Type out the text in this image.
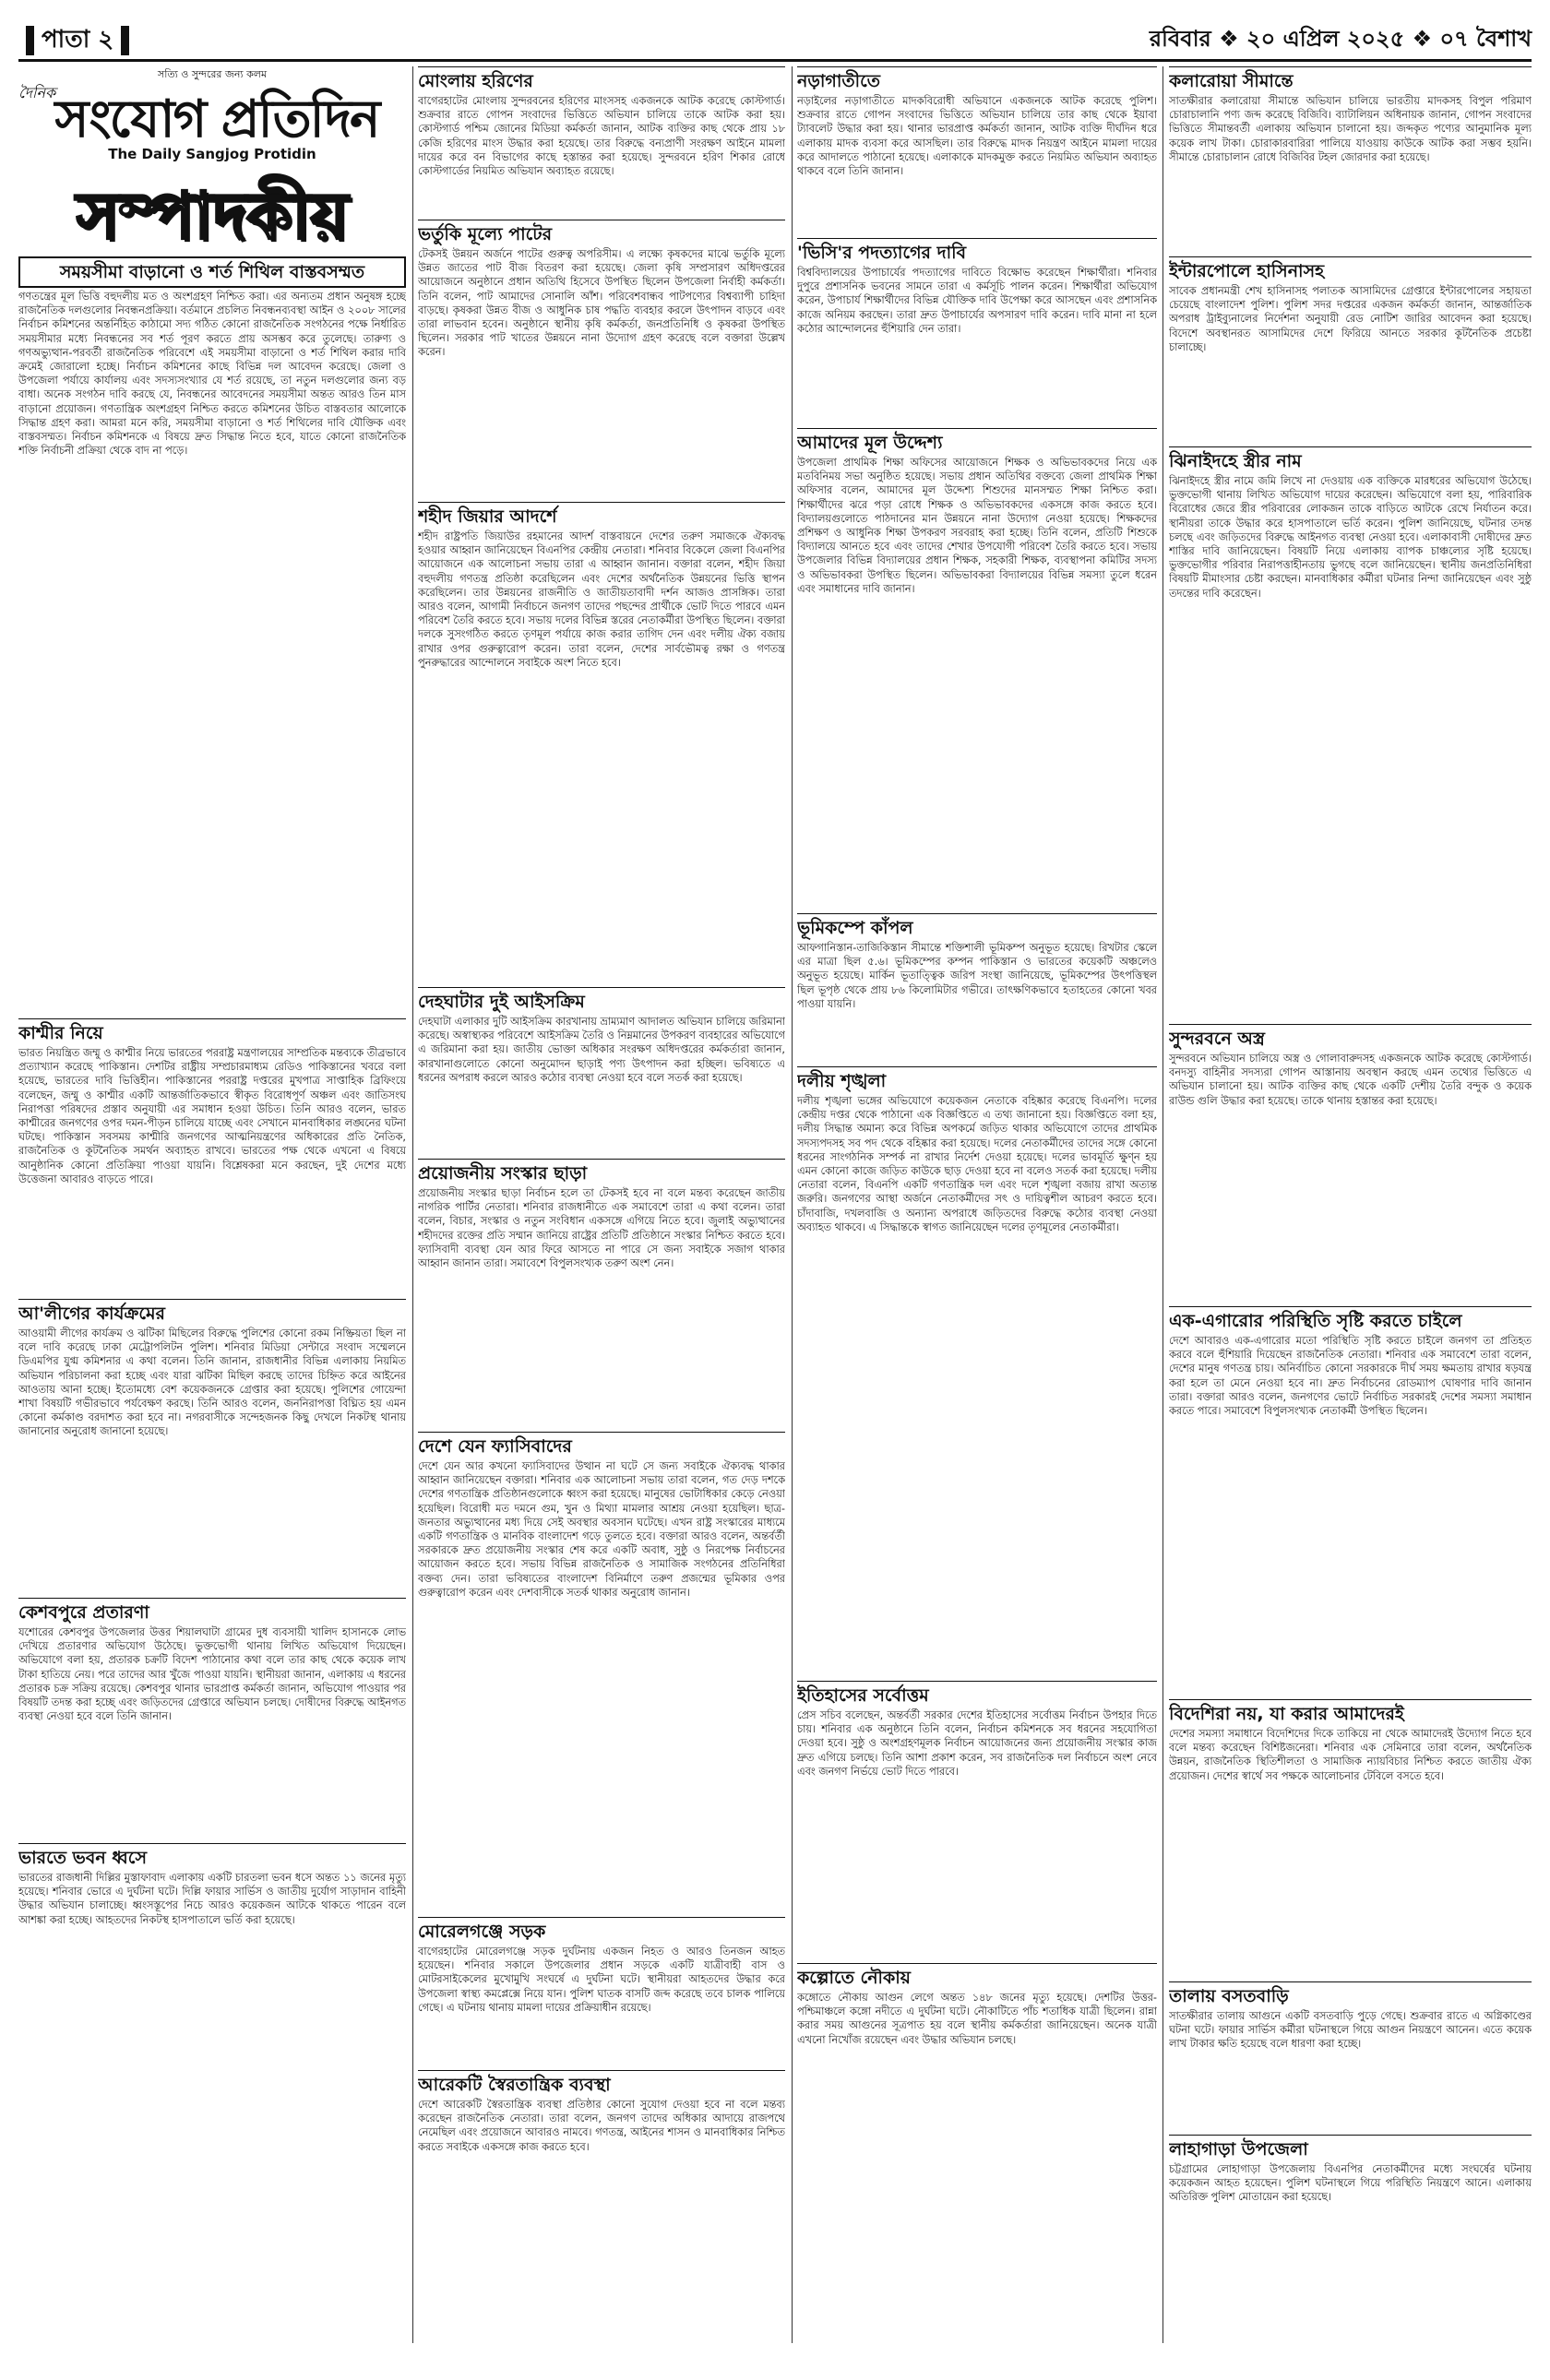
পাতা ২	রবিবার ❖ ২০ এপ্রিল ২০২৫ ❖ ০৭ বৈশাখ
সত্যি ও সুন্দরের জন্য কলম
দৈনিক সংযোগ প্রতিদিন
The Daily Sangjog Protidin
সম্পাদকীয়
সময়সীমা বাড়ানো ও শর্ত শিথিল বাস্তবসম্মত

গণতন্ত্রের মূল ভিত্তি বহুদলীয় মত ও অংশগ্রহণ নিশ্চিত করা। এর অন্যতম প্রধান অনুষঙ্গ হচ্ছে রাজনৈতিক দলগুলোর নিবন্ধনপ্রক্রিয়া। বর্তমানে প্রচলিত নিবন্ধনব্যবস্থা আইন ও ২০০৮ সালের নির্বাচন কমিশনের অন্তর্নিহিত কাঠামো সদ্য গঠিত কোনো রাজনৈতিক সংগঠনের পক্ষে নির্ধারিত সময়সীমার মধ্যে নিবন্ধনের সব শর্ত পূরণ করতে প্রায় অসম্ভব করে তুলেছে। তারুণ্য ও গণঅভ্যুত্থান-পরবর্তী রাজনৈতিক পরিবেশে এই সময়সীমা বাড়ানো ও শর্ত শিথিল করার দাবি ক্রমেই জোরালো হচ্ছে। নির্বাচন কমিশনের কাছে বিভিন্ন দল আবেদন করেছে। জেলা ও উপজেলা পর্যায়ে কার্যালয় এবং সদস্যসংখ্যার যে শর্ত রয়েছে, তা নতুন দলগুলোর জন্য বড় বাধা। অনেক সংগঠন দাবি করছে যে, নিবন্ধনের আবেদনের সময়সীমা অন্তত আরও তিন মাস বাড়ানো প্রয়োজন। গণতান্ত্রিক অংশগ্রহণ নিশ্চিত করতে কমিশনের উচিত বাস্তবতার আলোকে সিদ্ধান্ত গ্রহণ করা। আমরা মনে করি, সময়সীমা বাড়ানো ও শর্ত শিথিলের দাবি যৌক্তিক এবং বাস্তবসম্মত। নির্বাচন কমিশনকে এ বিষয়ে দ্রুত সিদ্ধান্ত নিতে হবে, যাতে কোনো রাজনৈতিক শক্তি নির্বাচনী প্রক্রিয়া থেকে বাদ না পড়ে।

কাশ্মীর নিয়ে

ভারত নিয়ন্ত্রিত জম্মু ও কাশ্মীর নিয়ে ভারতের পররাষ্ট্র মন্ত্রণালয়ের সাম্প্রতিক মন্তব্যকে তীব্রভাবে প্রত্যাখ্যান করেছে পাকিস্তান। দেশটির রাষ্ট্রীয় সম্প্রচারমাধ্যম রেডিও পাকিস্তানের খবরে বলা হয়েছে, ভারতের দাবি ভিত্তিহীন। পাকিস্তানের পররাষ্ট্র দপ্তরের মুখপাত্র সাপ্তাহিক ব্রিফিংয়ে বলেছেন, জম্মু ও কাশ্মীর একটি আন্তর্জাতিকভাবে স্বীকৃত বিরোধপূর্ণ অঞ্চল এবং জাতিসংঘ নিরাপত্তা পরিষদের প্রস্তাব অনুযায়ী এর সমাধান হওয়া উচিত। তিনি আরও বলেন, ভারত কাশ্মীরের জনগণের ওপর দমন-পীড়ন চালিয়ে যাচ্ছে এবং সেখানে মানবাধিকার লঙ্ঘনের ঘটনা ঘটছে। পাকিস্তান সবসময় কাশ্মীরি জনগণের আত্মনিয়ন্ত্রণের অধিকারের প্রতি নৈতিক, রাজনৈতিক ও কূটনৈতিক সমর্থন অব্যাহত রাখবে। ভারতের পক্ষ থেকে এখনো এ বিষয়ে আনুষ্ঠানিক কোনো প্রতিক্রিয়া পাওয়া যায়নি। বিশ্লেষকরা মনে করছেন, দুই দেশের মধ্যে উত্তেজনা আবারও বাড়তে পারে।

আ'লীগের কার্যক্রমের

আওয়ামী লীগের কার্যক্রম ও ঝটিকা মিছিলের বিরুদ্ধে পুলিশের কোনো রকম নিষ্ক্রিয়তা ছিল না বলে দাবি করেছে ঢাকা মেট্রোপলিটন পুলিশ। শনিবার মিডিয়া সেন্টারে সংবাদ সম্মেলনে ডিএমপির যুগ্ম কমিশনার এ কথা বলেন। তিনি জানান, রাজধানীর বিভিন্ন এলাকায় নিয়মিত অভিযান পরিচালনা করা হচ্ছে এবং যারা ঝটিকা মিছিল করছে তাদের চিহ্নিত করে আইনের আওতায় আনা হচ্ছে। ইতোমধ্যে বেশ কয়েকজনকে গ্রেপ্তার করা হয়েছে। পুলিশের গোয়েন্দা শাখা বিষয়টি গভীরভাবে পর্যবেক্ষণ করছে। তিনি আরও বলেন, জননিরাপত্তা বিঘ্নিত হয় এমন কোনো কর্মকাণ্ড বরদাশত করা হবে না। নগরবাসীকে সন্দেহজনক কিছু দেখলে নিকটস্থ থানায় জানানোর অনুরোধ জানানো হয়েছে।

কেশবপুরে প্রতারণা

যশোরের কেশবপুর উপজেলার উত্তর শিয়ালঘাটা গ্রামের দুধ ব্যবসায়ী খালিদ হাসানকে লোভ দেখিয়ে প্রতারণার অভিযোগ উঠেছে। ভুক্তভোগী থানায় লিখিত অভিযোগ দিয়েছেন। অভিযোগে বলা হয়, প্রতারক চক্রটি বিদেশ পাঠানোর কথা বলে তার কাছ থেকে কয়েক লাখ টাকা হাতিয়ে নেয়। পরে তাদের আর খুঁজে পাওয়া যায়নি। স্থানীয়রা জানান, এলাকায় এ ধরনের প্রতারক চক্র সক্রিয় রয়েছে। কেশবপুর থানার ভারপ্রাপ্ত কর্মকর্তা জানান, অভিযোগ পাওয়ার পর বিষয়টি তদন্ত করা হচ্ছে এবং জড়িতদের গ্রেপ্তারে অভিযান চলছে। দোষীদের বিরুদ্ধে আইনগত ব্যবস্থা নেওয়া হবে বলে তিনি জানান।

ভারতে ভবন ধ্বসে

ভারতের রাজধানী দিল্লির মুস্তাফাবাদ এলাকায় একটি চারতলা ভবন ধসে অন্তত ১১ জনের মৃত্যু হয়েছে। শনিবার ভোরে এ দুর্ঘটনা ঘটে। দিল্লি ফায়ার সার্ভিস ও জাতীয় দুর্যোগ সাড়াদান বাহিনী উদ্ধার অভিযান চালাচ্ছে। ধ্বংসস্তূপের নিচে আরও কয়েকজন আটকে থাকতে পারেন বলে আশঙ্কা করা হচ্ছে। আহতদের নিকটস্থ হাসপাতালে ভর্তি করা হয়েছে।

মোংলায় হরিণের

বাগেরহাটের মোংলায় সুন্দরবনের হরিণের মাংসসহ একজনকে আটক করেছে কোস্টগার্ড। শুক্রবার রাতে গোপন সংবাদের ভিত্তিতে অভিযান চালিয়ে তাকে আটক করা হয়। কোস্টগার্ড পশ্চিম জোনের মিডিয়া কর্মকর্তা জানান, আটক ব্যক্তির কাছ থেকে প্রায় ১৮ কেজি হরিণের মাংস উদ্ধার করা হয়েছে। তার বিরুদ্ধে বন্যপ্রাণী সংরক্ষণ আইনে মামলা দায়ের করে বন বিভাগের কাছে হস্তান্তর করা হয়েছে। সুন্দরবনে হরিণ শিকার রোধে কোস্টগার্ডের নিয়মিত অভিযান অব্যাহত রয়েছে।

ভর্তুকি মূল্যে পাটের

টেকসই উন্নয়ন অর্জনে পাটের গুরুত্ব অপরিসীম। এ লক্ষ্যে কৃষকদের মাঝে ভর্তুকি মূল্যে উন্নত জাতের পাট বীজ বিতরণ করা হয়েছে। জেলা কৃষি সম্প্রসারণ অধিদপ্তরের আয়োজনে অনুষ্ঠানে প্রধান অতিথি হিসেবে উপস্থিত ছিলেন উপজেলা নির্বাহী কর্মকর্তা। তিনি বলেন, পাট আমাদের সোনালি আঁশ। পরিবেশবান্ধব পাটপণ্যের বিশ্বব্যাপী চাহিদা বাড়ছে। কৃষকরা উন্নত বীজ ও আধুনিক চাষ পদ্ধতি ব্যবহার করলে উৎপাদন বাড়বে এবং তারা লাভবান হবেন। অনুষ্ঠানে স্থানীয় কৃষি কর্মকর্তা, জনপ্রতিনিধি ও কৃষকরা উপস্থিত ছিলেন। সরকার পাট খাতের উন্নয়নে নানা উদ্যোগ গ্রহণ করেছে বলে বক্তারা উল্লেখ করেন।

শহীদ জিয়ার আদর্শে

শহীদ রাষ্ট্রপতি জিয়াউর রহমানের আদর্শ বাস্তবায়নে দেশের তরুণ সমাজকে ঐক্যবদ্ধ হওয়ার আহ্বান জানিয়েছেন বিএনপির কেন্দ্রীয় নেতারা। শনিবার বিকেলে জেলা বিএনপির আয়োজনে এক আলোচনা সভায় তারা এ আহ্বান জানান। বক্তারা বলেন, শহীদ জিয়া বহুদলীয় গণতন্ত্র প্রতিষ্ঠা করেছিলেন এবং দেশের অর্থনৈতিক উন্নয়নের ভিত্তি স্থাপন করেছিলেন। তার উন্নয়নের রাজনীতি ও জাতীয়তাবাদী দর্শন আজও প্রাসঙ্গিক। তারা আরও বলেন, আগামী নির্বাচনে জনগণ তাদের পছন্দের প্রার্থীকে ভোট দিতে পারবে এমন পরিবেশ তৈরি করতে হবে। সভায় দলের বিভিন্ন স্তরের নেতাকর্মীরা উপস্থিত ছিলেন। বক্তারা দলকে সুসংগঠিত করতে তৃণমূল পর্যায়ে কাজ করার তাগিদ দেন এবং দলীয় ঐক্য বজায় রাখার ওপর গুরুত্বারোপ করেন। তারা বলেন, দেশের সার্বভৌমত্ব রক্ষা ও গণতন্ত্র পুনরুদ্ধারের আন্দোলনে সবাইকে অংশ নিতে হবে।

দেহঘাটার দুই আইসক্রিম

দেহঘাটা এলাকার দুটি আইসক্রিম কারখানায় ভ্রাম্যমাণ আদালত অভিযান চালিয়ে জরিমানা করেছে। অস্বাস্থ্যকর পরিবেশে আইসক্রিম তৈরি ও নিম্নমানের উপকরণ ব্যবহারের অভিযোগে এ জরিমানা করা হয়। জাতীয় ভোক্তা অধিকার সংরক্ষণ অধিদপ্তরের কর্মকর্তারা জানান, কারখানাগুলোতে কোনো অনুমোদন ছাড়াই পণ্য উৎপাদন করা হচ্ছিল। ভবিষ্যতে এ ধরনের অপরাধ করলে আরও কঠোর ব্যবস্থা নেওয়া হবে বলে সতর্ক করা হয়েছে।

প্রয়োজনীয় সংস্কার ছাড়া

প্রয়োজনীয় সংস্কার ছাড়া নির্বাচন হলে তা টেকসই হবে না বলে মন্তব্য করেছেন জাতীয় নাগরিক পার্টির নেতারা। শনিবার রাজধানীতে এক সমাবেশে তারা এ কথা বলেন। তারা বলেন, বিচার, সংস্কার ও নতুন সংবিধান একসঙ্গে এগিয়ে নিতে হবে। জুলাই অভ্যুত্থানের শহীদদের রক্তের প্রতি সম্মান জানিয়ে রাষ্ট্রের প্রতিটি প্রতিষ্ঠানে সংস্কার নিশ্চিত করতে হবে। ফ্যাসিবাদী ব্যবস্থা যেন আর ফিরে আসতে না পারে সে জন্য সবাইকে সজাগ থাকার আহ্বান জানান তারা। সমাবেশে বিপুলসংখ্যক তরুণ অংশ নেন।

দেশে যেন ফ্যাসিবাদের

দেশে যেন আর কখনো ফ্যাসিবাদের উত্থান না ঘটে সে জন্য সবাইকে ঐক্যবদ্ধ থাকার আহ্বান জানিয়েছেন বক্তারা। শনিবার এক আলোচনা সভায় তারা বলেন, গত দেড় দশকে দেশের গণতান্ত্রিক প্রতিষ্ঠানগুলোকে ধ্বংস করা হয়েছে। মানুষের ভোটাধিকার কেড়ে নেওয়া হয়েছিল। বিরোধী মত দমনে গুম, খুন ও মিথ্যা মামলার আশ্রয় নেওয়া হয়েছিল। ছাত্র-জনতার অভ্যুত্থানের মধ্য দিয়ে সেই অবস্থার অবসান ঘটেছে। এখন রাষ্ট্র সংস্কারের মাধ্যমে একটি গণতান্ত্রিক ও মানবিক বাংলাদেশ গড়ে তুলতে হবে। বক্তারা আরও বলেন, অন্তর্বর্তী সরকারকে দ্রুত প্রয়োজনীয় সংস্কার শেষ করে একটি অবাধ, সুষ্ঠু ও নিরপেক্ষ নির্বাচনের আয়োজন করতে হবে। সভায় বিভিন্ন রাজনৈতিক ও সামাজিক সংগঠনের প্রতিনিধিরা বক্তব্য দেন। তারা ভবিষ্যতের বাংলাদেশ বিনির্মাণে তরুণ প্রজন্মের ভূমিকার ওপর গুরুত্বারোপ করেন এবং দেশবাসীকে সতর্ক থাকার অনুরোধ জানান।

মোরেলগঞ্জে সড়ক

বাগেরহাটের মোরেলগঞ্জে সড়ক দুর্ঘটনায় একজন নিহত ও আরও তিনজন আহত হয়েছেন। শনিবার সকালে উপজেলার প্রধান সড়কে একটি যাত্রীবাহী বাস ও মোটরসাইকেলের মুখোমুখি সংঘর্ষে এ দুর্ঘটনা ঘটে। স্থানীয়রা আহতদের উদ্ধার করে উপজেলা স্বাস্থ্য কমপ্লেক্সে নিয়ে যান। পুলিশ ঘাতক বাসটি জব্দ করেছে তবে চালক পালিয়ে গেছে। এ ঘটনায় থানায় মামলা দায়ের প্রক্রিয়াধীন রয়েছে।

আরেকটি স্বৈরতান্ত্রিক ব্যবস্থা

দেশে আরেকটি স্বৈরতান্ত্রিক ব্যবস্থা প্রতিষ্ঠার কোনো সুযোগ দেওয়া হবে না বলে মন্তব্য করেছেন রাজনৈতিক নেতারা। তারা বলেন, জনগণ তাদের অধিকার আদায়ে রাজপথে নেমেছিল এবং প্রয়োজনে আবারও নামবে। গণতন্ত্র, আইনের শাসন ও মানবাধিকার নিশ্চিত করতে সবাইকে একসঙ্গে কাজ করতে হবে।

নড়াগাতীতে

নড়াইলের নড়াগাতীতে মাদকবিরোধী অভিযানে একজনকে আটক করেছে পুলিশ। শুক্রবার রাতে গোপন সংবাদের ভিত্তিতে অভিযান চালিয়ে তার কাছ থেকে ইয়াবা ট্যাবলেট উদ্ধার করা হয়। থানার ভারপ্রাপ্ত কর্মকর্তা জানান, আটক ব্যক্তি দীর্ঘদিন ধরে এলাকায় মাদক ব্যবসা করে আসছিল। তার বিরুদ্ধে মাদক নিয়ন্ত্রণ আইনে মামলা দায়ের করে আদালতে পাঠানো হয়েছে। এলাকাকে মাদকমুক্ত করতে নিয়মিত অভিযান অব্যাহত থাকবে বলে তিনি জানান।

'ভিসি'র পদত্যাগের দাবি

বিশ্ববিদ্যালয়ের উপাচার্যের পদত্যাগের দাবিতে বিক্ষোভ করেছেন শিক্ষার্থীরা। শনিবার দুপুরে প্রশাসনিক ভবনের সামনে তারা এ কর্মসূচি পালন করেন। শিক্ষার্থীরা অভিযোগ করেন, উপাচার্য শিক্ষার্থীদের বিভিন্ন যৌক্তিক দাবি উপেক্ষা করে আসছেন এবং প্রশাসনিক কাজে অনিয়ম করছেন। তারা দ্রুত উপাচার্যের অপসারণ দাবি করেন। দাবি মানা না হলে কঠোর আন্দোলনের হুঁশিয়ারি দেন তারা।

আমাদের মূল উদ্দেশ্য

উপজেলা প্রাথমিক শিক্ষা অফিসের আয়োজনে শিক্ষক ও অভিভাবকদের নিয়ে এক মতবিনিময় সভা অনুষ্ঠিত হয়েছে। সভায় প্রধান অতিথির বক্তব্যে জেলা প্রাথমিক শিক্ষা অফিসার বলেন, আমাদের মূল উদ্দেশ্য শিশুদের মানসম্মত শিক্ষা নিশ্চিত করা। শিক্ষার্থীদের ঝরে পড়া রোধে শিক্ষক ও অভিভাবকদের একসঙ্গে কাজ করতে হবে। বিদ্যালয়গুলোতে পাঠদানের মান উন্নয়নে নানা উদ্যোগ নেওয়া হয়েছে। শিক্ষকদের প্রশিক্ষণ ও আধুনিক শিক্ষা উপকরণ সরবরাহ করা হচ্ছে। তিনি বলেন, প্রতিটি শিশুকে বিদ্যালয়ে আনতে হবে এবং তাদের শেখার উপযোগী পরিবেশ তৈরি করতে হবে। সভায় উপজেলার বিভিন্ন বিদ্যালয়ের প্রধান শিক্ষক, সহকারী শিক্ষক, ব্যবস্থাপনা কমিটির সদস্য ও অভিভাবকরা উপস্থিত ছিলেন। অভিভাবকরা বিদ্যালয়ের বিভিন্ন সমস্যা তুলে ধরেন এবং সমাধানের দাবি জানান।

ভূমিকম্পে কাঁপল

আফগানিস্তান-তাজিকিস্তান সীমান্তে শক্তিশালী ভূমিকম্প অনুভূত হয়েছে। রিখটার স্কেলে এর মাত্রা ছিল ৫.৬। ভূমিকম্পের কম্পন পাকিস্তান ও ভারতের কয়েকটি অঞ্চলেও অনুভূত হয়েছে। মার্কিন ভূতাত্ত্বিক জরিপ সংস্থা জানিয়েছে, ভূমিকম্পের উৎপত্তিস্থল ছিল ভূপৃষ্ঠ থেকে প্রায় ৮৬ কিলোমিটার গভীরে। তাৎক্ষণিকভাবে হতাহতের কোনো খবর পাওয়া যায়নি।

দলীয় শৃঙ্খলা

দলীয় শৃঙ্খলা ভঙ্গের অভিযোগে কয়েকজন নেতাকে বহিষ্কার করেছে বিএনপি। দলের কেন্দ্রীয় দপ্তর থেকে পাঠানো এক বিজ্ঞপ্তিতে এ তথ্য জানানো হয়। বিজ্ঞপ্তিতে বলা হয়, দলীয় সিদ্ধান্ত অমান্য করে বিভিন্ন অপকর্মে জড়িত থাকার অভিযোগে তাদের প্রাথমিক সদস্যপদসহ সব পদ থেকে বহিষ্কার করা হয়েছে। দলের নেতাকর্মীদের তাদের সঙ্গে কোনো ধরনের সাংগঠনিক সম্পর্ক না রাখার নির্দেশ দেওয়া হয়েছে। দলের ভাবমূর্তি ক্ষুণ্ন হয় এমন কোনো কাজে জড়িত কাউকে ছাড় দেওয়া হবে না বলেও সতর্ক করা হয়েছে। দলীয় নেতারা বলেন, বিএনপি একটি গণতান্ত্রিক দল এবং দলে শৃঙ্খলা বজায় রাখা অত্যন্ত জরুরি। জনগণের আস্থা অর্জনে নেতাকর্মীদের সৎ ও দায়িত্বশীল আচরণ করতে হবে। চাঁদাবাজি, দখলবাজি ও অন্যান্য অপরাধে জড়িতদের বিরুদ্ধে কঠোর ব্যবস্থা নেওয়া অব্যাহত থাকবে। এ সিদ্ধান্তকে স্বাগত জানিয়েছেন দলের তৃণমূলের নেতাকর্মীরা।

ইতিহাসের সর্বোত্তম

প্রেস সচিব বলেছেন, অন্তর্বর্তী সরকার দেশের ইতিহাসের সর্বোত্তম নির্বাচন উপহার দিতে চায়। শনিবার এক অনুষ্ঠানে তিনি বলেন, নির্বাচন কমিশনকে সব ধরনের সহযোগিতা দেওয়া হবে। সুষ্ঠু ও অংশগ্রহণমূলক নির্বাচন আয়োজনের জন্য প্রয়োজনীয় সংস্কার কাজ দ্রুত এগিয়ে চলছে। তিনি আশা প্রকাশ করেন, সব রাজনৈতিক দল নির্বাচনে অংশ নেবে এবং জনগণ নির্ভয়ে ভোট দিতে পারবে।

কল্পোতে নৌকায়

কঙ্গোতে নৌকায় আগুন লেগে অন্তত ১৪৮ জনের মৃত্যু হয়েছে। দেশটির উত্তর-পশ্চিমাঞ্চলে কঙ্গো নদীতে এ দুর্ঘটনা ঘটে। নৌকাটিতে পাঁচ শতাধিক যাত্রী ছিলেন। রান্না করার সময় আগুনের সূত্রপাত হয় বলে স্থানীয় কর্মকর্তারা জানিয়েছেন। অনেক যাত্রী এখনো নিখোঁজ রয়েছেন এবং উদ্ধার অভিযান চলছে।

কলারোয়া সীমান্তে

সাতক্ষীরার কলারোয়া সীমান্তে অভিযান চালিয়ে ভারতীয় মাদকসহ বিপুল পরিমাণ চোরাচালানি পণ্য জব্দ করেছে বিজিবি। ব্যাটালিয়ন অধিনায়ক জানান, গোপন সংবাদের ভিত্তিতে সীমান্তবর্তী এলাকায় অভিযান চালানো হয়। জব্দকৃত পণ্যের আনুমানিক মূল্য কয়েক লাখ টাকা। চোরাকারবারিরা পালিয়ে যাওয়ায় কাউকে আটক করা সম্ভব হয়নি। সীমান্তে চোরাচালান রোধে বিজিবির টহল জোরদার করা হয়েছে।

ইন্টারপোলে হাসিনাসহ

সাবেক প্রধানমন্ত্রী শেখ হাসিনাসহ পলাতক আসামিদের গ্রেপ্তারে ইন্টারপোলের সহায়তা চেয়েছে বাংলাদেশ পুলিশ। পুলিশ সদর দপ্তরের একজন কর্মকর্তা জানান, আন্তর্জাতিক অপরাধ ট্রাইব্যুনালের নির্দেশনা অনুযায়ী রেড নোটিশ জারির আবেদন করা হয়েছে। বিদেশে অবস্থানরত আসামিদের দেশে ফিরিয়ে আনতে সরকার কূটনৈতিক প্রচেষ্টা চালাচ্ছে।

ঝিনাইদহে স্ত্রীর নাম

ঝিনাইদহে স্ত্রীর নামে জমি লিখে না দেওয়ায় এক ব্যক্তিকে মারধরের অভিযোগ উঠেছে। ভুক্তভোগী থানায় লিখিত অভিযোগ দায়ের করেছেন। অভিযোগে বলা হয়, পারিবারিক বিরোধের জেরে স্ত্রীর পরিবারের লোকজন তাকে বাড়িতে আটকে রেখে নির্যাতন করে। স্থানীয়রা তাকে উদ্ধার করে হাসপাতালে ভর্তি করেন। পুলিশ জানিয়েছে, ঘটনার তদন্ত চলছে এবং জড়িতদের বিরুদ্ধে আইনগত ব্যবস্থা নেওয়া হবে। এলাকাবাসী দোষীদের দ্রুত শাস্তির দাবি জানিয়েছেন। বিষয়টি নিয়ে এলাকায় ব্যাপক চাঞ্চল্যের সৃষ্টি হয়েছে। ভুক্তভোগীর পরিবার নিরাপত্তাহীনতায় ভুগছে বলে জানিয়েছেন। স্থানীয় জনপ্রতিনিধিরা বিষয়টি মীমাংসার চেষ্টা করছেন। মানবাধিকার কর্মীরা ঘটনার নিন্দা জানিয়েছেন এবং সুষ্ঠু তদন্তের দাবি করেছেন।

সুন্দরবনে অস্ত্র

সুন্দরবনে অভিযান চালিয়ে অস্ত্র ও গোলাবারুদসহ একজনকে আটক করেছে কোস্টগার্ড। বনদস্যু বাহিনীর সদস্যরা গোপন আস্তানায় অবস্থান করছে এমন তথ্যের ভিত্তিতে এ অভিযান চালানো হয়। আটক ব্যক্তির কাছ থেকে একটি দেশীয় তৈরি বন্দুক ও কয়েক রাউন্ড গুলি উদ্ধার করা হয়েছে। তাকে থানায় হস্তান্তর করা হয়েছে।

এক-এগারোর পরিস্থিতি সৃষ্টি করতে চাইলে

দেশে আবারও এক-এগারোর মতো পরিস্থিতি সৃষ্টি করতে চাইলে জনগণ তা প্রতিহত করবে বলে হুঁশিয়ারি দিয়েছেন রাজনৈতিক নেতারা। শনিবার এক সমাবেশে তারা বলেন, দেশের মানুষ গণতন্ত্র চায়। অনির্বাচিত কোনো সরকারকে দীর্ঘ সময় ক্ষমতায় রাখার ষড়যন্ত্র করা হলে তা মেনে নেওয়া হবে না। দ্রুত নির্বাচনের রোডম্যাপ ঘোষণার দাবি জানান তারা। বক্তারা আরও বলেন, জনগণের ভোটে নির্বাচিত সরকারই দেশের সমস্যা সমাধান করতে পারে। সমাবেশে বিপুলসংখ্যক নেতাকর্মী উপস্থিত ছিলেন।

বিদেশিরা নয়, যা করার আমাদেরই

দেশের সমস্যা সমাধানে বিদেশিদের দিকে তাকিয়ে না থেকে আমাদেরই উদ্যোগ নিতে হবে বলে মন্তব্য করেছেন বিশিষ্টজনেরা। শনিবার এক সেমিনারে তারা বলেন, অর্থনৈতিক উন্নয়ন, রাজনৈতিক স্থিতিশীলতা ও সামাজিক ন্যায়বিচার নিশ্চিত করতে জাতীয় ঐক্য প্রয়োজন। দেশের স্বার্থে সব পক্ষকে আলোচনার টেবিলে বসতে হবে।

তালায় বসতবাড়ি

সাতক্ষীরার তালায় আগুনে একটি বসতবাড়ি পুড়ে গেছে। শুক্রবার রাতে এ অগ্নিকাণ্ডের ঘটনা ঘটে। ফায়ার সার্ভিস কর্মীরা ঘটনাস্থলে গিয়ে আগুন নিয়ন্ত্রণে আনেন। এতে কয়েক লাখ টাকার ক্ষতি হয়েছে বলে ধারণা করা হচ্ছে।

লাহাগাড়া উপজেলা

চট্টগ্রামের লোহাগাড়া উপজেলায় বিএনপির নেতাকর্মীদের মধ্যে সংঘর্ষের ঘটনায় কয়েকজন আহত হয়েছেন। পুলিশ ঘটনাস্থলে গিয়ে পরিস্থিতি নিয়ন্ত্রণে আনে। এলাকায় অতিরিক্ত পুলিশ মোতায়েন করা হয়েছে।
